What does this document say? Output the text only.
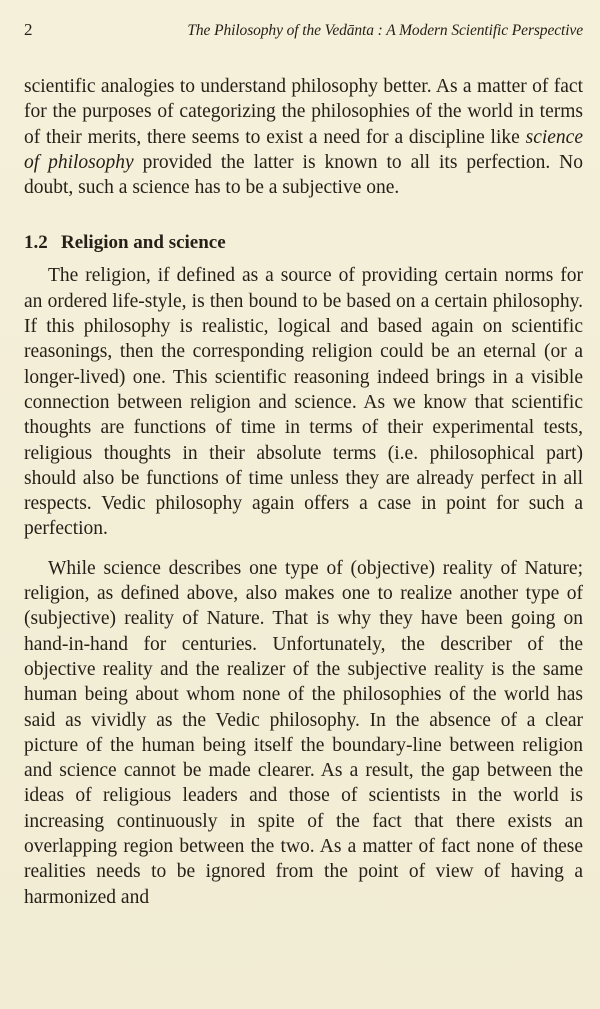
2	The Philosophy of the Vedānta : A Modern Scientific Perspective

scientific analogies to understand philosophy better. As a matter of fact for the purposes of categorizing the philosophies of the world in terms of their merits, there seems to exist a need for a discipline like science of philosophy provided the latter is known to all its perfection. No doubt, such a science has to be a subjective one.

1.2 Religion and science

The religion, if defined as a source of providing certain norms for an ordered life-style, is then bound to be based on a certain philosophy. If this philosophy is realistic, logical and based again on scientific reasonings, then the corresponding religion could be an eternal (or a longer-lived) one. This scientific reasoning indeed brings in a visible connection between religion and science. As we know that scientific thoughts are functions of time in terms of their experimental tests, religious thoughts in their absolute terms (i.e. philosophical part) should also be functions of time unless they are already perfect in all respects. Vedic philosophy again offers a case in point for such a perfection.

While science describes one type of (objective) reality of Nature; religion, as defined above, also makes one to realize another type of (subjective) reality of Nature. That is why they have been going on hand-in-hand for centuries. Unfortunately, the describer of the objective reality and the realizer of the subjective reality is the same human being about whom none of the philosophies of the world has said as vividly as the Vedic philosophy. In the absence of a clear picture of the human being itself the boundary-line between religion and science cannot be made clearer. As a result, the gap between the ideas of religious leaders and those of scientists in the world is increasing continuously in spite of the fact that there exists an overlapping region between the two. As a matter of fact none of these realities needs to be ignored from the point of view of having a harmonized and
